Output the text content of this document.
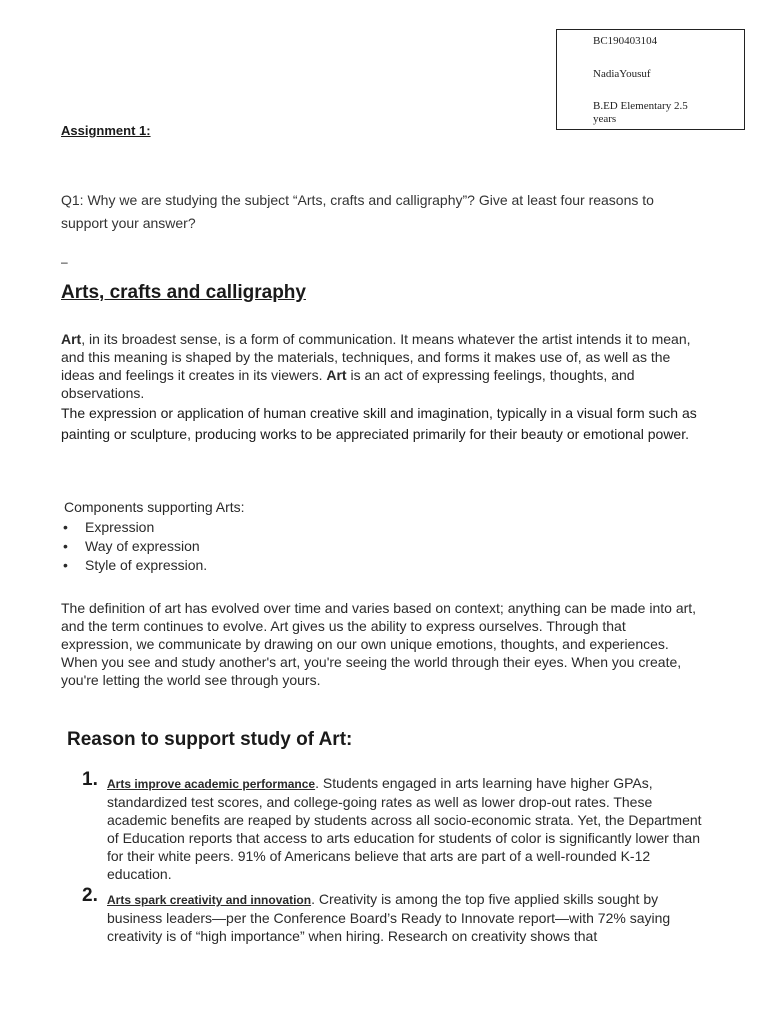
BC190403104
NadiaYousuf
B.ED Elementary 2.5 years
Assignment 1:
Q1: Why we are studying the subject “Arts, crafts and calligraphy”? Give at least four reasons to support your answer?
–
Arts, crafts and calligraphy
Art, in its broadest sense, is a form of communication. It means whatever the artist intends it to mean, and this meaning is shaped by the materials, techniques, and forms it makes use of, as well as the ideas and feelings it creates in its viewers. Art is an act of expressing feelings, thoughts, and observations.
The expression or application of human creative skill and imagination, typically in a visual form such as painting or sculpture, producing works to be appreciated primarily for their beauty or emotional power.
Components supporting Arts:
• Expression
• Way of expression
• Style of expression.
The definition of art has evolved over time and varies based on context; anything can be made into art, and the term continues to evolve. Art gives us the ability to express ourselves. Through that expression, we communicate by drawing on our own unique emotions, thoughts, and experiences. When you see and study another's art, you're seeing the world through their eyes. When you create, you're letting the world see through yours.
Reason to support study of Art:
1. Arts improve academic performance. Students engaged in arts learning have higher GPAs, standardized test scores, and college-going rates as well as lower drop-out rates. These academic benefits are reaped by students across all socio-economic strata. Yet, the Department of Education reports that access to arts education for students of color is significantly lower than for their white peers. 91% of Americans believe that arts are part of a well-rounded K-12 education.
2. Arts spark creativity and innovation. Creativity is among the top five applied skills sought by business leaders—per the Conference Board’s Ready to Innovate report—with 72% saying creativity is of “high importance” when hiring. Research on creativity shows that
